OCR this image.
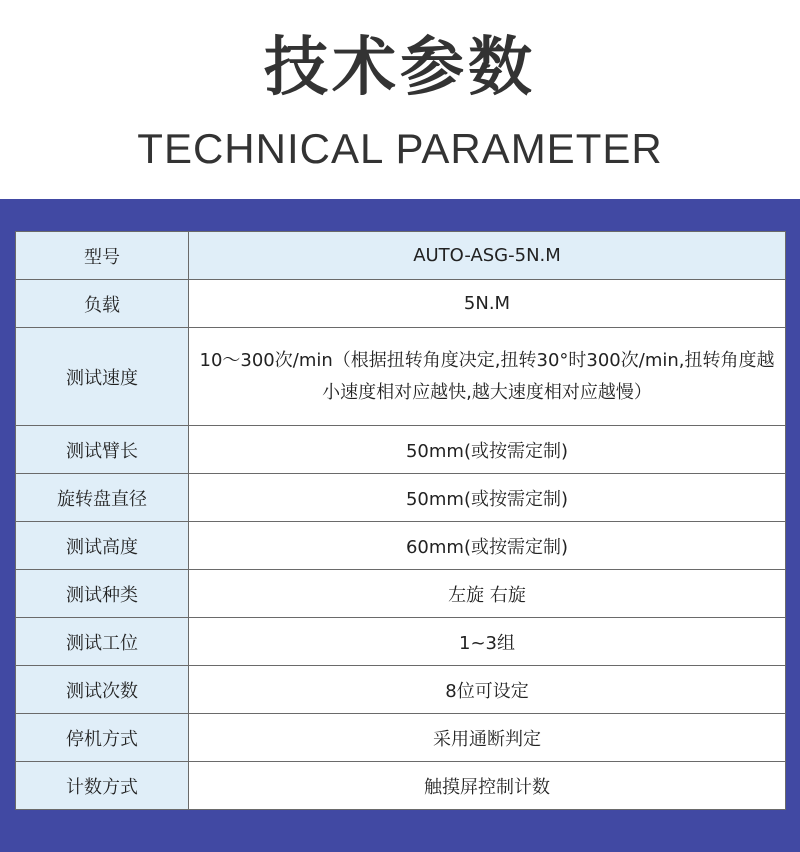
技术参数
TECHNICAL PARAMETER
型号	AUTO-ASG-5N.M
负载	5N.M
测试速度	10～300次/min（根据扭转角度决定,扭转30°时300次/min,扭转角度越小速度相对应越快,越大速度相对应越慢）
测试臂长	50mm(或按需定制)
旋转盘直径	50mm(或按需定制)
测试高度	60mm(或按需定制)
测试种类	左旋 右旋
测试工位	1~3组
测试次数	8位可设定
停机方式	采用通断判定
计数方式	触摸屏控制计数
